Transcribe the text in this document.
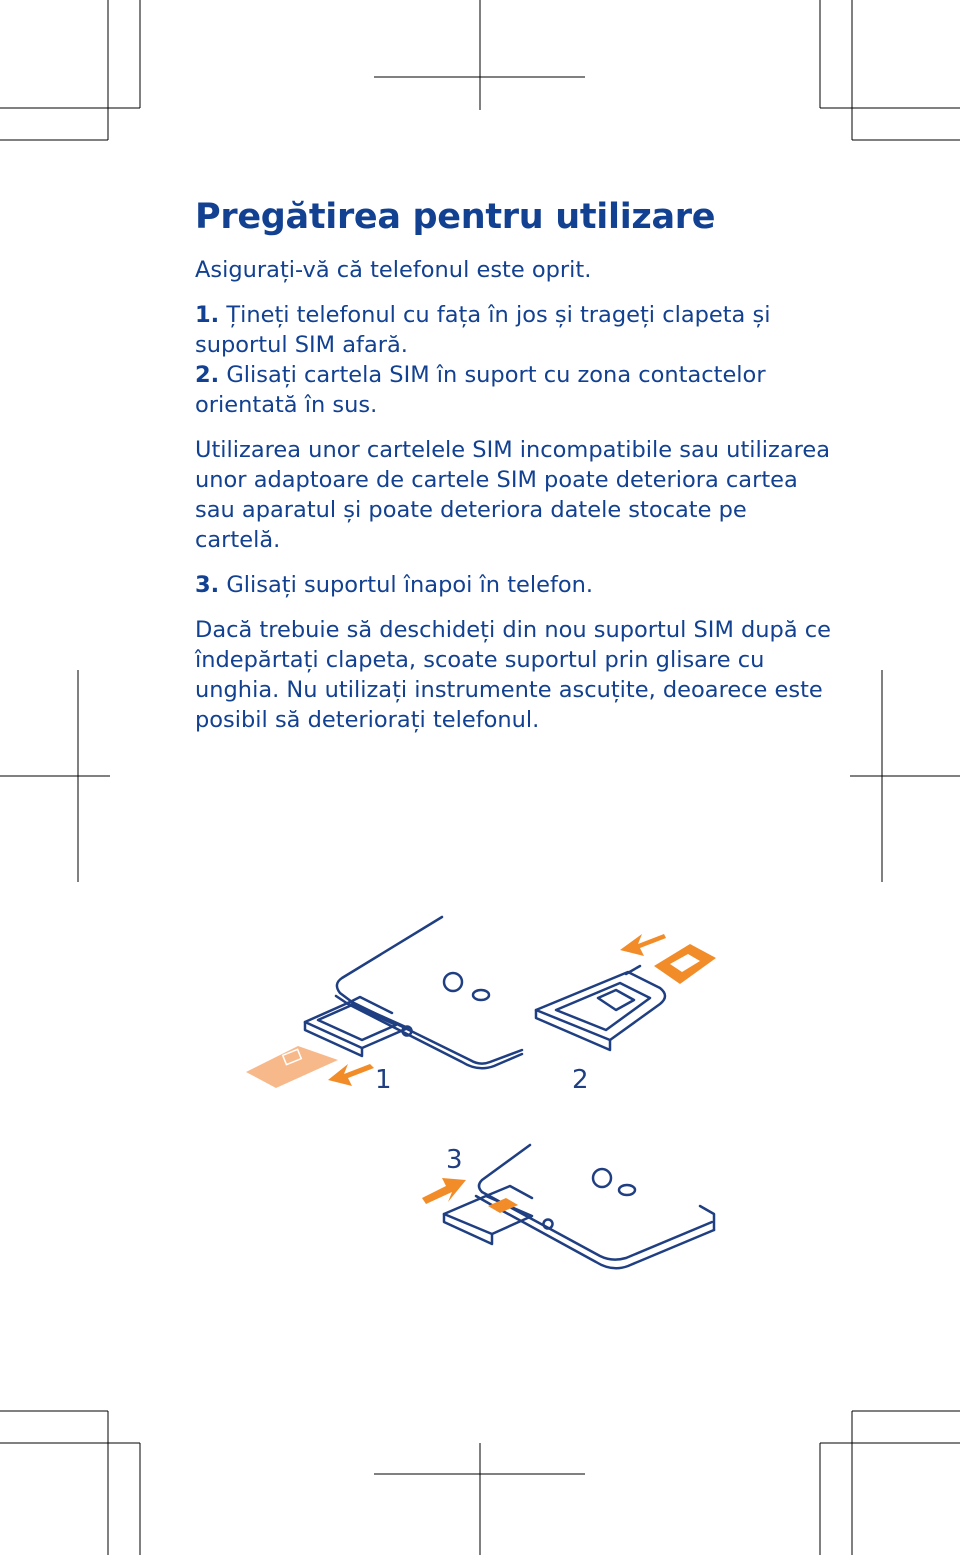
Pregătirea pentru utilizare

Asigurați-vă că telefonul este oprit.

1. Țineți telefonul cu fața în jos și trageți clapeta și suportul SIM afară.

2. Glisați cartela SIM în suport cu zona contactelor orientată în sus.

Utilizarea unor cartelele SIM incompatibile sau utilizarea unor adaptoare de cartele SIM poate deteriora cartea sau aparatul și poate deteriora datele stocate pe cartelă.

3. Glisați suportul înapoi în telefon.

Dacă trebuie să deschideți din nou suportul SIM după ce îndepărtați clapeta, scoate suportul prin glisare cu unghia. Nu utilizați instrumente ascuțite, deoarece este posibil să deteriorați telefonul.

1	2
3
